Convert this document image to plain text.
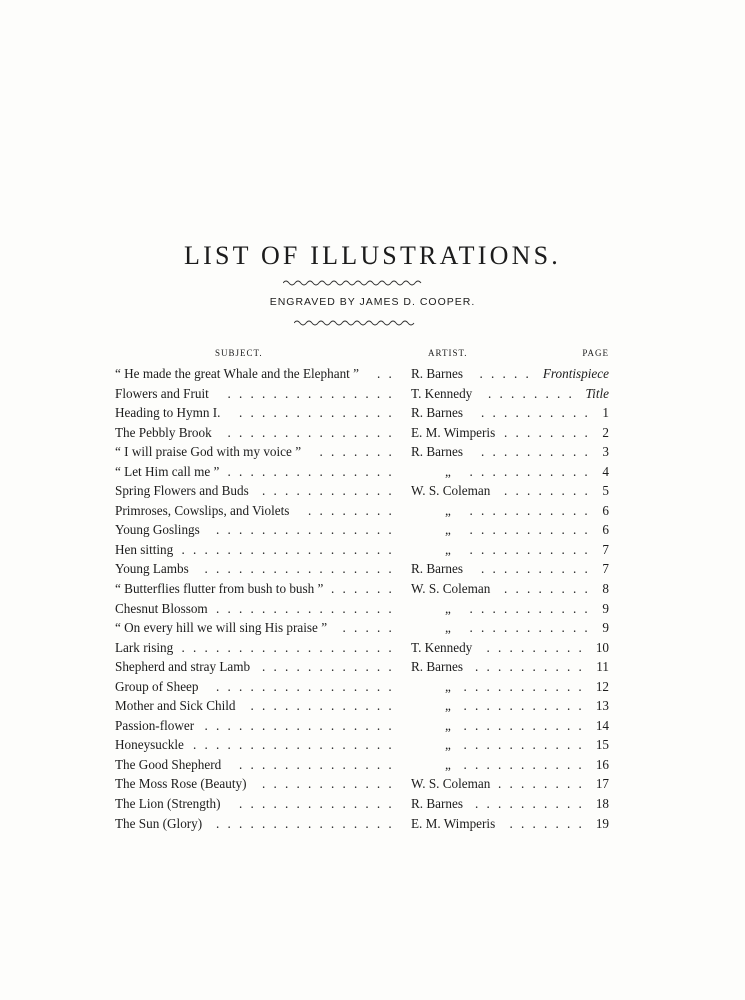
LIST OF ILLUSTRATIONS.
ENGRAVED BY JAMES D. COOPER.
SUBJECT.	ARTIST.	PAGE
“ He made the great Whale and the Elephant ” . . R. Barnes . . . . . Frontispiece
Flowers and Fruit . . . . . . . . . . . . . . . T. Kennedy . . . . . . . . Title
Heading to Hymn I. . . . . . . . . . . . . . . R. Barnes . . . . . . . . . . 1
The Pebbly Brook . . . . . . . . . . . . . . . E. M. Wimperis . . . . . . . . 2
“ I will praise God with my voice ” . . . . . . . R. Barnes . . . . . . . . . . 3
“ Let Him call me ” . . . . . . . . . . . . . . .	„ . . . . . . . . . . . 4
Spring Flowers and Buds . . . . . . . . . . . . W. S. Coleman . . . . . . . . 5
Primroses, Cowslips, and Violets . . . . . . . .	„ . . . . . . . . . . . 6
Young Goslings . . . . . . . . . . . . . . . .	„ . . . . . . . . . . . 6
Hen sitting . . . . . . . . . . . . . . . . . . .	„ . . . . . . . . . . . 7
Young Lambs . . . . . . . . . . . . . . . . . R. Barnes . . . . . . . . . . 7
“ Butterflies flutter from bush to bush ” . . . . . . W. S. Coleman . . . . . . . . 8
Chesnut Blossom . . . . . . . . . . . . . . . .	„ . . . . . . . . . . . 9
“ On every hill we will sing His praise ” . . . . .	„ . . . . . . . . . . . 9
Lark rising . . . . . . . . . . . . . . . . . . . T. Kennedy . . . . . . . . . 10
Shepherd and stray Lamb . . . . . . . . . . . . R. Barnes . . . . . . . . . . 11
Group of Sheep . . . . . . . . . . . . . . . .	„ . . . . . . . . . . . 12
Mother and Sick Child . . . . . . . . . . . . .	„ . . . . . . . . . . . 13
Passion-flower . . . . . . . . . . . . . . . . .	„ . . . . . . . . . . . 14
Honeysuckle . . . . . . . . . . . . . . . . . .	„ . . . . . . . . . . . 15
The Good Shepherd . . . . . . . . . . . . . .	„ . . . . . . . . . . . 16
The Moss Rose (Beauty) . . . . . . . . . . . . W. S. Coleman . . . . . . . . 17
The Lion (Strength) . . . . . . . . . . . . . . R. Barnes . . . . . . . . . . 18
The Sun (Glory) . . . . . . . . . . . . . . . . E. M. Wimperis . . . . . . . 19
